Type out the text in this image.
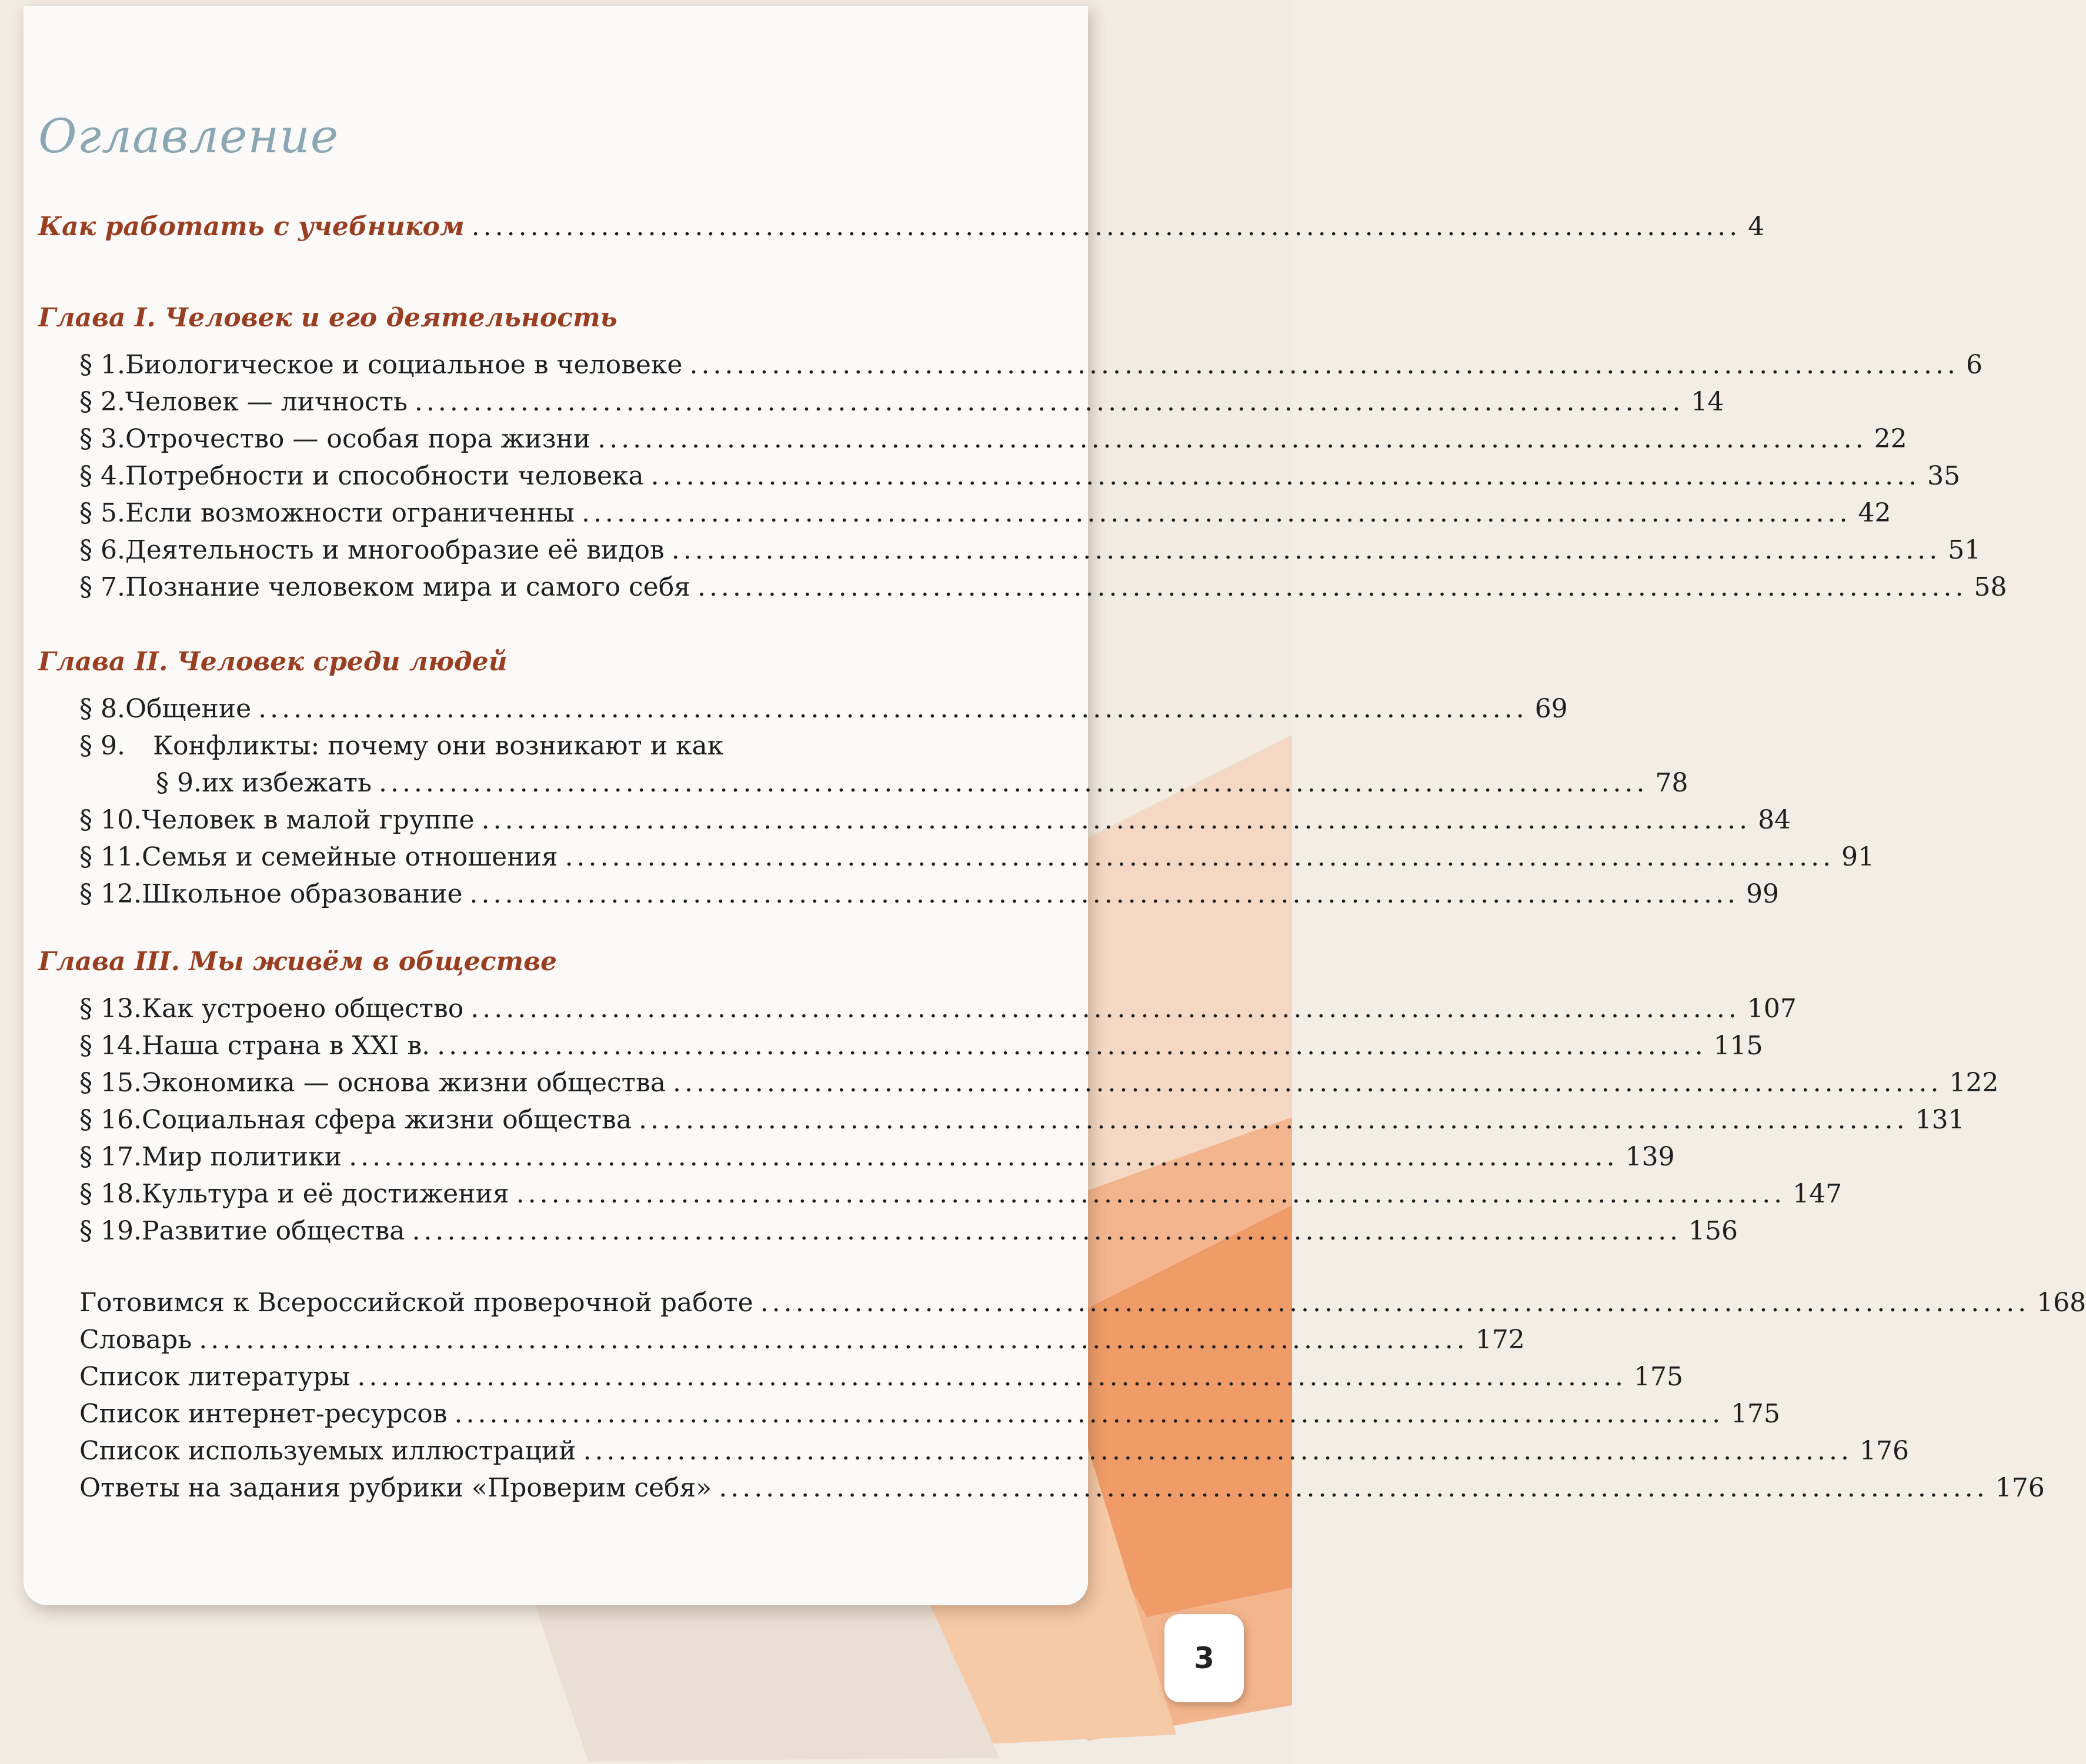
Оглавление
Как работать с учебником ............................................................................................................ 4
Глава I. Человек и его деятельность
§ 1. Биологическое и социальное в человеке ............................................................................................................ 6
§ 2. Человек — личность ............................................................................................................ 14
§ 3. Отрочество — особая пора жизни ............................................................................................................ 22
§ 4. Потребности и способности человека ............................................................................................................ 35
§ 5. Если возможности ограниченны ............................................................................................................ 42
§ 6. Деятельность и многообразие её видов ............................................................................................................ 51
§ 7. Познание человеком мира и самого себя ............................................................................................................ 58
Глава II. Человек среди людей
§ 8. Общение ............................................................................................................ 69
§ 9.	Конфликты: почему они возникают и как
§ 9. их избежать ............................................................................................................ 78
§ 10. Человек в малой группе ............................................................................................................ 84
§ 11. Семья и семейные отношения ............................................................................................................ 91
§ 12. Школьное образование ............................................................................................................ 99
Глава III. Мы живём в обществе
§ 13. Как устроено общество ............................................................................................................ 107
§ 14. Наша страна в XXI в. ............................................................................................................ 115
§ 15. Экономика — основа жизни общества ............................................................................................................ 122
§ 16. Социальная сфера жизни общества ............................................................................................................ 131
§ 17. Мир политики ............................................................................................................ 139
§ 18. Культура и её достижения ............................................................................................................ 147
§ 19. Развитие общества ............................................................................................................ 156
Готовимся к Всероссийской проверочной работе ............................................................................................................ 168
Словарь ............................................................................................................ 172
Список литературы ............................................................................................................ 175
Список интернет-ресурсов ............................................................................................................ 175
Список используемых иллюстраций ............................................................................................................ 176
Ответы на задания рубрики «Проверим себя» ............................................................................................................ 176
3
